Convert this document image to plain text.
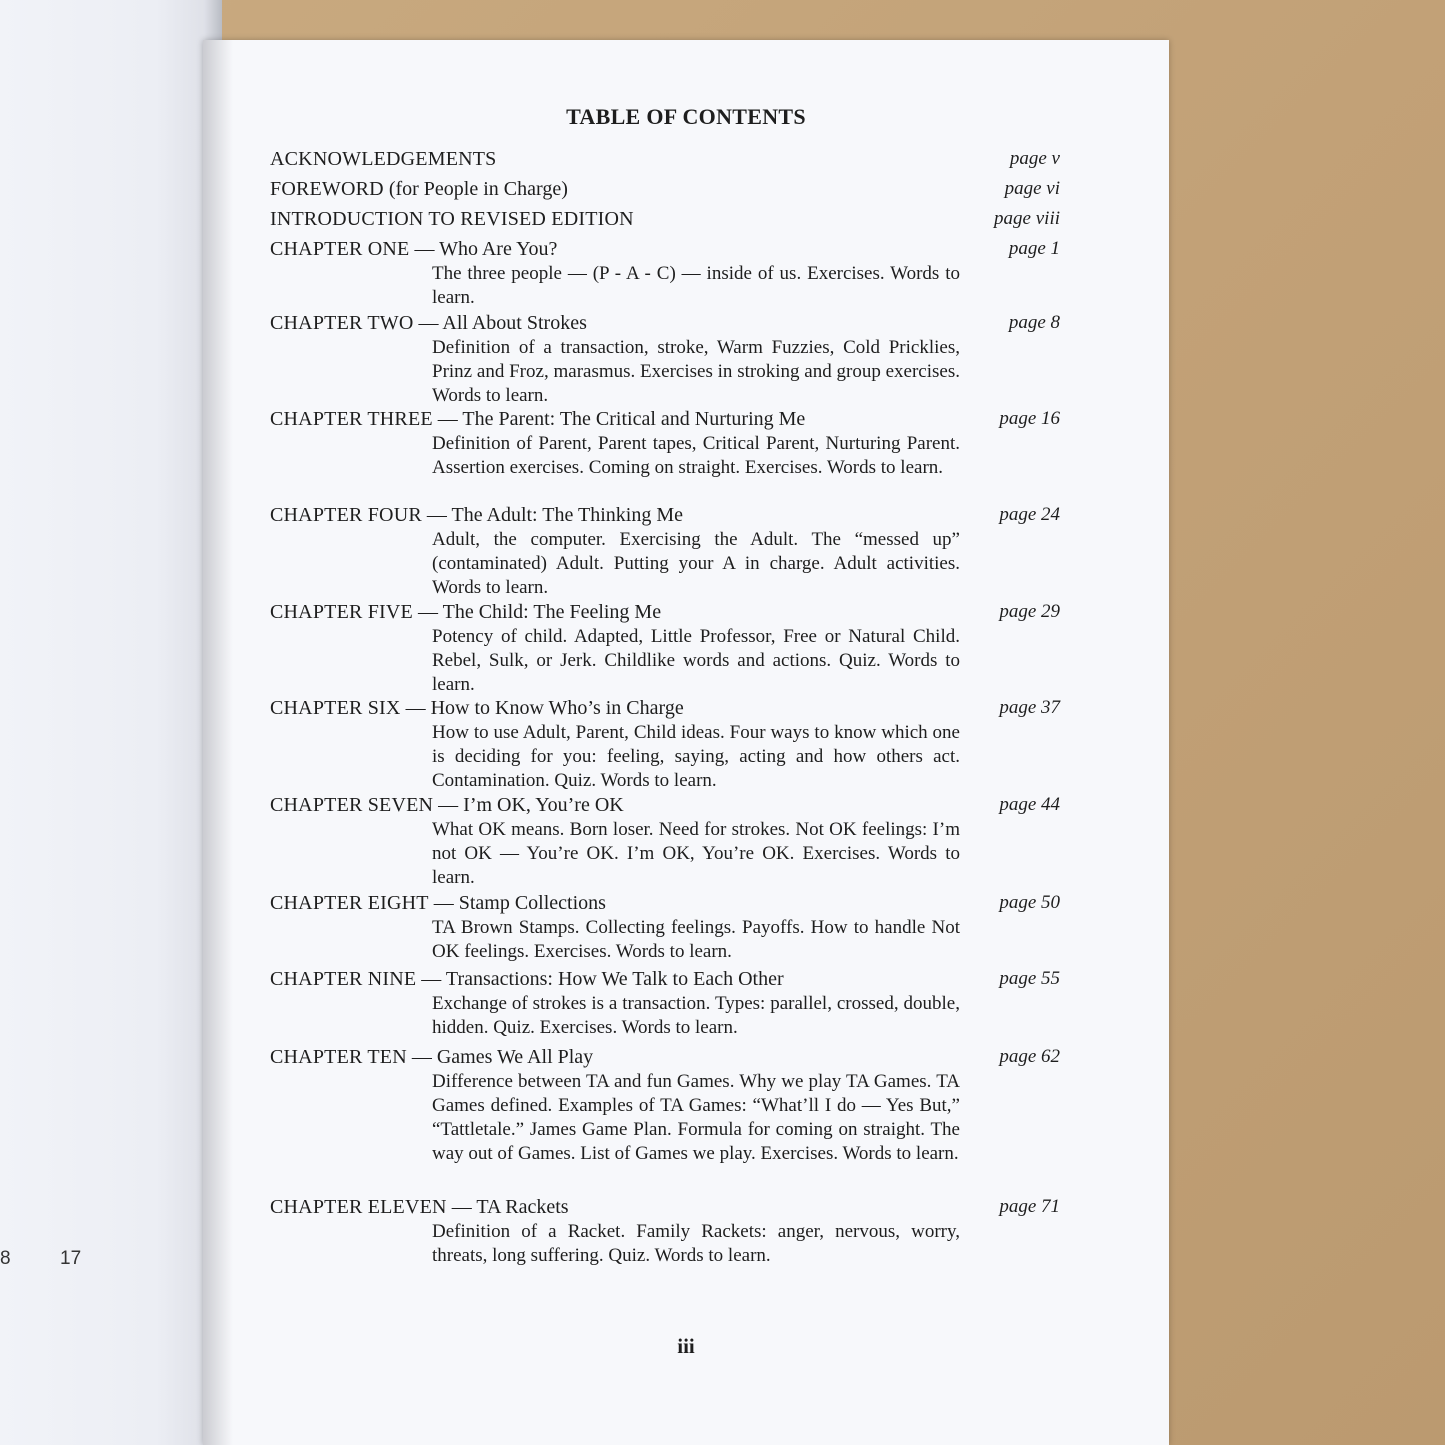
8	17
TABLE OF CONTENTS
ACKNOWLEDGEMENTS	page v
FOREWORD (for People in Charge)	page vi
INTRODUCTION TO REVISED EDITION	page viii
CHAPTER ONE — Who Are You?	page 1
The three people — (P - A - C) — inside of us. Exercises. Words to learn.
CHAPTER TWO — All About Strokes	page 8
Definition of a transaction, stroke, Warm Fuzzies, Cold Pricklies, Prinz and Froz, marasmus. Exercises in stroking and group exercises. Words to learn.
CHAPTER THREE — The Parent: The Critical and Nurturing Me	page 16
Definition of Parent, Parent tapes, Critical Parent, Nurturing Parent. Assertion exercises. Coming on straight. Exercises. Words to learn.
CHAPTER FOUR — The Adult: The Thinking Me	page 24
Adult, the computer. Exercising the Adult. The “messed up” (contaminated) Adult. Putting your A in charge. Adult activities. Words to learn.
CHAPTER FIVE — The Child: The Feeling Me	page 29
Potency of child. Adapted, Little Professor, Free or Natural Child. Rebel, Sulk, or Jerk. Childlike words and actions. Quiz. Words to learn.
CHAPTER SIX — How to Know Who’s in Charge	page 37
How to use Adult, Parent, Child ideas. Four ways to know which one is deciding for you: feeling, saying, acting and how others act. Contamination. Quiz. Words to learn.
CHAPTER SEVEN — I’m OK, You’re OK	page 44
What OK means. Born loser. Need for strokes. Not OK feelings: I’m not OK — You’re OK. I’m OK, You’re OK. Exercises. Words to learn.
CHAPTER EIGHT — Stamp Collections	page 50
TA Brown Stamps. Collecting feelings. Payoffs. How to handle Not OK feelings. Exercises. Words to learn.
CHAPTER NINE — Transactions: How We Talk to Each Other	page 55
Exchange of strokes is a transaction. Types: parallel, crossed, double, hidden. Quiz. Exercises. Words to learn.
CHAPTER TEN — Games We All Play	page 62
Difference between TA and fun Games. Why we play TA Games. TA Games defined. Examples of TA Games: “What’ll I do — Yes But,” “Tattletale.” James Game Plan. Formula for coming on straight. The way out of Games. List of Games we play. Exercises. Words to learn.
CHAPTER ELEVEN — TA Rackets	page 71
Definition of a Racket. Family Rackets: anger, nervous, worry, threats, long suffering. Quiz. Words to learn.
iii
